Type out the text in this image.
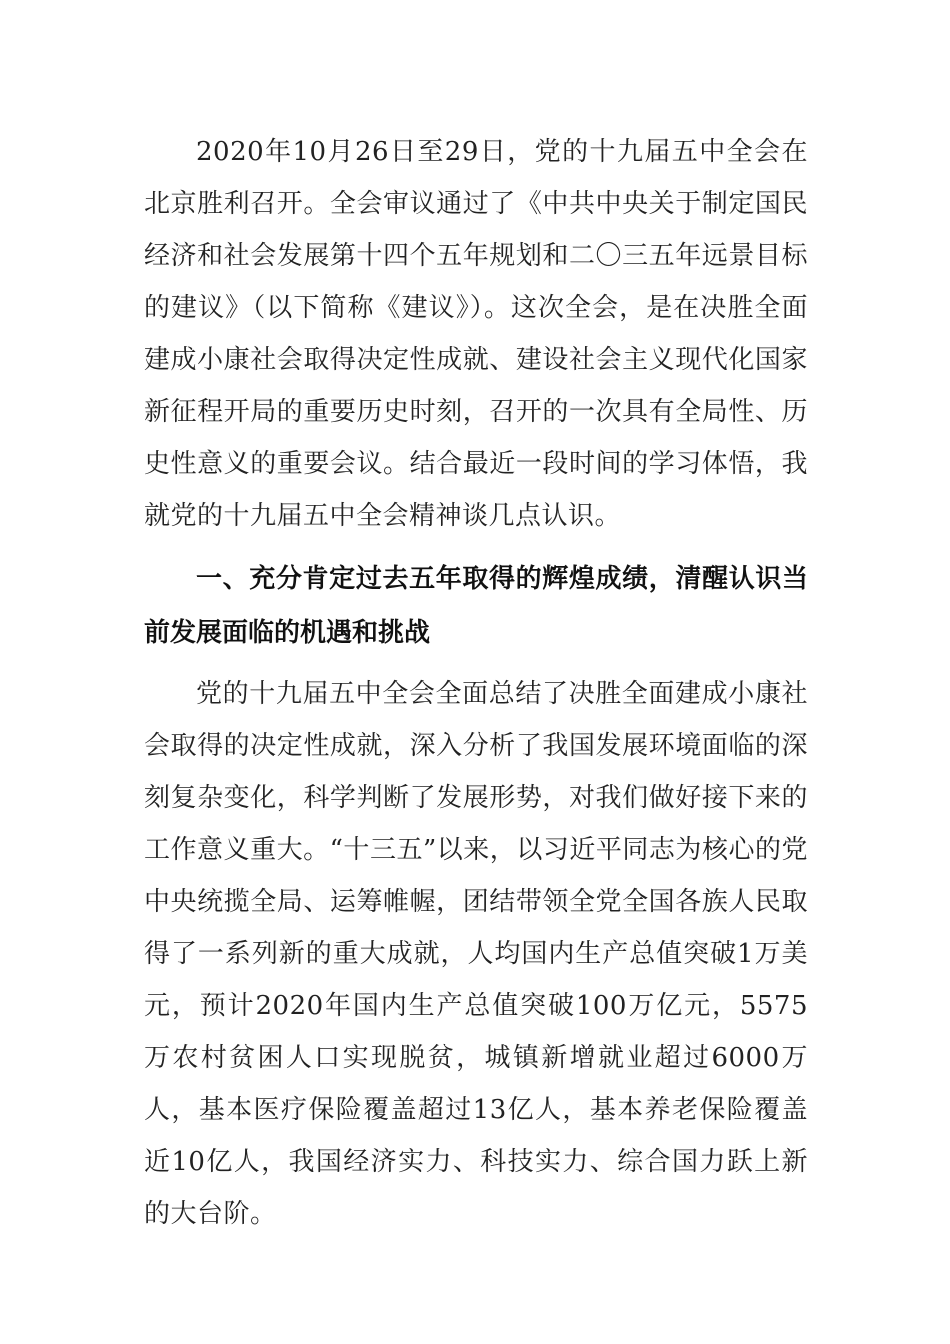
2020年10月26日至29日，党的十九届五中全会在北京胜利召开。全会审议通过了《中共中央关于制定国民经济和社会发展第十四个五年规划和二〇三五年远景目标的建议》（以下简称《建议》）。这次全会，是在决胜全面建成小康社会取得决定性成就、建设社会主义现代化国家新征程开局的重要历史时刻，召开的一次具有全局性、历史性意义的重要会议。结合最近一段时间的学习体悟，我就党的十九届五中全会精神谈几点认识。

一、充分肯定过去五年取得的辉煌成绩，清醒认识当前发展面临的机遇和挑战

党的十九届五中全会全面总结了决胜全面建成小康社会取得的决定性成就，深入分析了我国发展环境面临的深刻复杂变化，科学判断了发展形势，对我们做好接下来的工作意义重大。“十三五”以来，以习近平同志为核心的党中央统揽全局、运筹帷幄，团结带领全党全国各族人民取得了一系列新的重大成就，人均国内生产总值突破1万美元，预计2020年国内生产总值突破100万亿元，5575万农村贫困人口实现脱贫，城镇新增就业超过6000万人，基本医疗保险覆盖超过13亿人，基本养老保险覆盖近10亿人，我国经济实力、科技实力、综合国力跃上新的大台阶。
